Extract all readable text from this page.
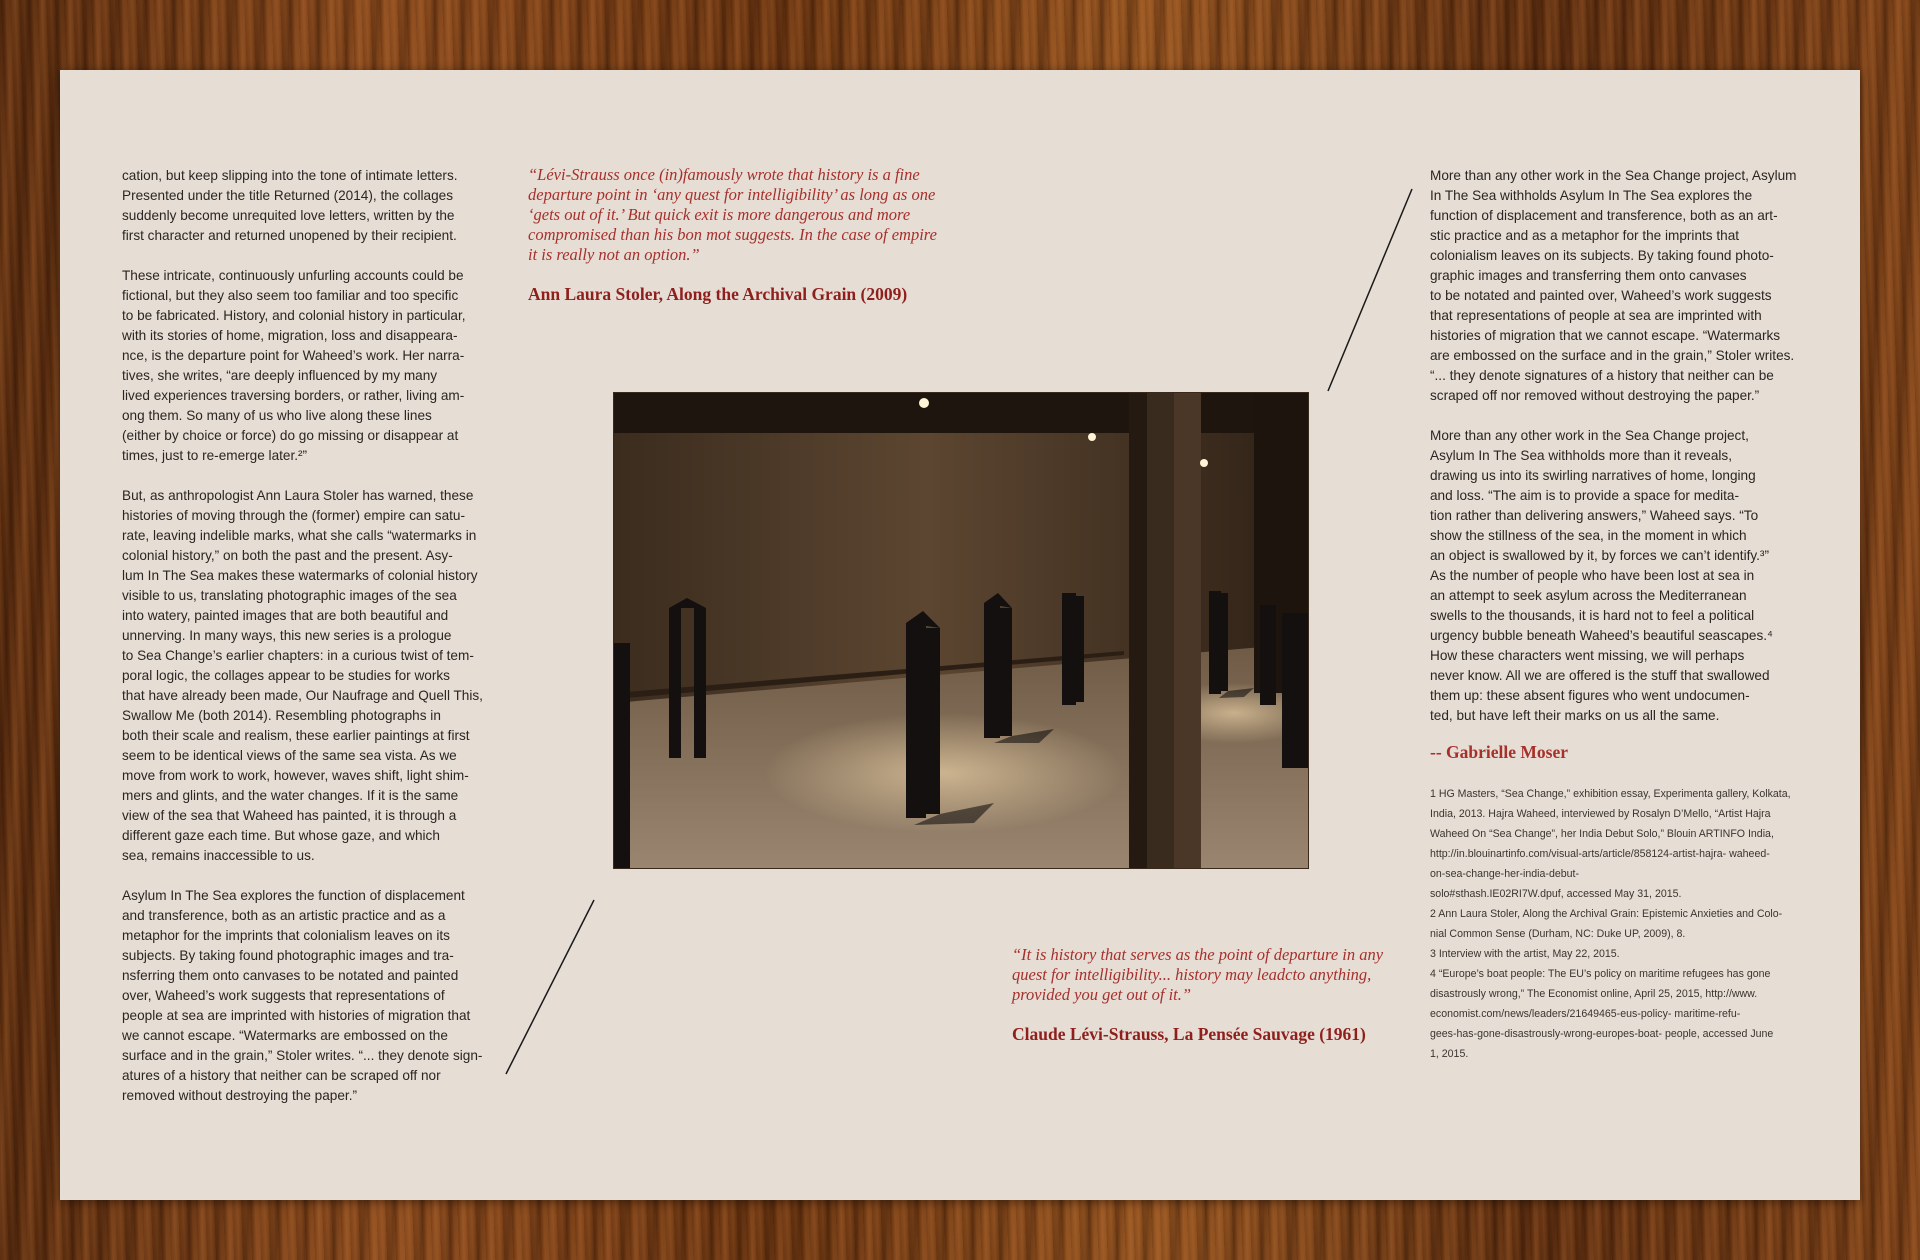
cation, but keep slipping into the tone of intimate letters.
Presented under the title Returned (2014), the collages
suddenly become unrequited love letters, written by the
first character and returned unopened by their recipient.

These intricate, continuously unfurling accounts could be
fictional, but they also seem too familiar and too specific
to be fabricated. History, and colonial history in particular,
with its stories of home, migration, loss and disappeara-
nce, is the departure point for Waheed’s work. Her narra-
tives, she writes, “are deeply influenced by my many
lived experiences traversing borders, or rather, living am-
ong them. So many of us who live along these lines
(either by choice or force) do go missing or disappear at
times, just to re-emerge later.²”

But, as anthropologist Ann Laura Stoler has warned, these
histories of moving through the (former) empire can satu-
rate, leaving indelible marks, what she calls “watermarks in
colonial history,” on both the past and the present. Asy-
lum In The Sea makes these watermarks of colonial history
visible to us, translating photographic images of the sea
into watery, painted images that are both beautiful and
unnerving. In many ways, this new series is a prologue
to Sea Change’s earlier chapters: in a curious twist of tem-
poral logic, the collages appear to be studies for works
that have already been made, Our Naufrage and Quell This,
Swallow Me (both 2014). Resembling photographs in
both their scale and realism, these earlier paintings at first
seem to be identical views of the same sea vista. As we
move from work to work, however, waves shift, light shim-
mers and glints, and the water changes. If it is the same
view of the sea that Waheed has painted, it is through a
different gaze each time. But whose gaze, and which
sea, remains inaccessible to us.

Asylum In The Sea explores the function of displacement
and transference, both as an artistic practice and as a
metaphor for the imprints that colonialism leaves on its
subjects. By taking found photographic images and tra-
nsferring them onto canvases to be notated and painted
over, Waheed’s work suggests that representations of
people at sea are imprinted with histories of migration that
we cannot escape. “Watermarks are embossed on the
surface and in the grain,” Stoler writes. “... they denote sign-
atures of a history that neither can be scraped off nor
removed without destroying the paper.”

“Lévi-Strauss once (in)famously wrote that history is a fine
departure point in ‘any quest for intelligibility’ as long as one
‘gets out of it.’ But quick exit is more dangerous and more
compromised than his bon mot suggests. In the case of empire
it is really not an option.”
Ann Laura Stoler, Along the Archival Grain (2009)
“It is history that serves as the point of departure in any
quest for intelligibility... history may leadcto anything,
provided you get out of it.”
Claude Lévi-Strauss, La Pensée Sauvage (1961)

More than any other work in the Sea Change project, Asylum
In The Sea withholds Asylum In The Sea explores the
function of displacement and transference, both as an art-
stic practice and as a metaphor for the imprints that
colonialism leaves on its subjects. By taking found photo-
graphic images and transferring them onto canvases
to be notated and painted over, Waheed’s work suggests
that representations of people at sea are imprinted with
histories of migration that we cannot escape. “Watermarks
are embossed on the surface and in the grain,” Stoler writes.
“... they denote signatures of a history that neither can be
scraped off nor removed without destroying the paper.”

More than any other work in the Sea Change project,
Asylum In The Sea withholds more than it reveals,
drawing us into its swirling narratives of home, longing
and loss. “The aim is to provide a space for medita-
tion rather than delivering answers,” Waheed says. “To
show the stillness of the sea, in the moment in which
an object is swallowed by it, by forces we can’t identify.³”
As the number of people who have been lost at sea in
an attempt to seek asylum across the Mediterranean
swells to the thousands, it is hard not to feel a political
urgency bubble beneath Waheed’s beautiful seascapes.⁴
How these characters went missing, we will perhaps
never know. All we are offered is the stuff that swallowed
them up: these absent figures who went undocumen-
ted, but have left their marks on us all the same.

-- Gabrielle Moser
1 HG Masters, “Sea Change,” exhibition essay, Experimenta gallery, Kolkata,
India, 2013. Hajra Waheed, interviewed by Rosalyn D’Mello, “Artist Hajra
Waheed On “Sea Change”, her India Debut Solo,” Blouin ARTINFO India,
http://in.blouinartinfo.com/visual-arts/article/858124-artist-hajra- waheed-
on-sea-change-her-india-debut-
solo#sthash.IE02RI7W.dpuf, accessed May 31, 2015.
2 Ann Laura Stoler, Along the Archival Grain: Epistemic Anxieties and Colo-
nial Common Sense (Durham, NC: Duke UP, 2009), 8.
3 Interview with the artist, May 22, 2015.
4 “Europe’s boat people: The EU’s policy on maritime refugees has gone
disastrously wrong,” The Economist online, April 25, 2015, http://www.
economist.com/news/leaders/21649465-eus-policy- maritime-refu-
gees-has-gone-disastrously-wrong-europes-boat- people, accessed June
1, 2015.
